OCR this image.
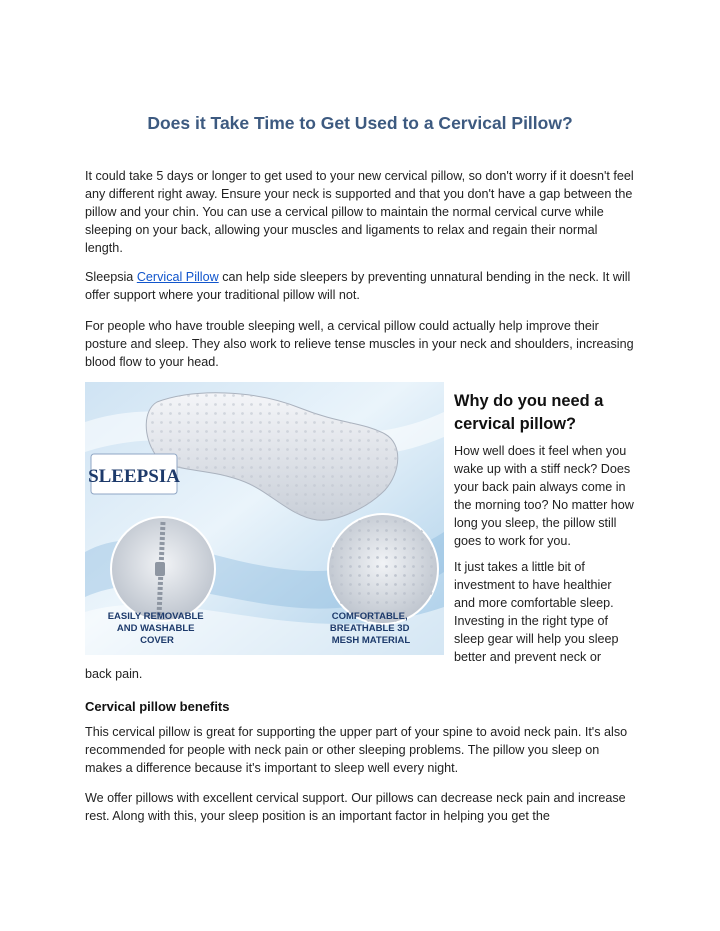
Does it Take Time to Get Used to a Cervical Pillow?

It could take 5 days or longer to get used to your new cervical pillow, so don't worry if it doesn't feel any different right away. Ensure your neck is supported and that you don't have a gap between the pillow and your chin. You can use a cervical pillow to maintain the normal cervical curve while sleeping on your back, allowing your muscles and ligaments to relax and regain their normal length.

Sleepsia Cervical Pillow can help side sleepers by preventing unnatural bending in the neck. It will offer support where your traditional pillow will not.

For people who have trouble sleeping well, a cervical pillow could actually help improve their posture and sleep. They also work to relieve tense muscles in your neck and shoulders, increasing blood flow to your head.

SLEEPSIA
EASILY REMOVABLE AND WASHABLE COVER
COMFORTABLE, BREATHABLE 3D MESH MATERIAL
Why do you need a cervical pillow?

How well does it feel when you wake up with a stiff neck? Does your back pain always come in the morning too? No matter how long you sleep, the pillow still goes to work for you.

It just takes a little bit of investment to have healthier and more comfortable sleep. Investing in the right type of sleep gear will help you sleep better and prevent neck or

back pain.
Cervical pillow benefits

This cervical pillow is great for supporting the upper part of your spine to avoid neck pain. It's also recommended for people with neck pain or other sleeping problems. The pillow you sleep on makes a difference because it's important to sleep well every night.

We offer pillows with excellent cervical support. Our pillows can decrease neck pain and increase rest. Along with this, your sleep position is an important factor in helping you get the
